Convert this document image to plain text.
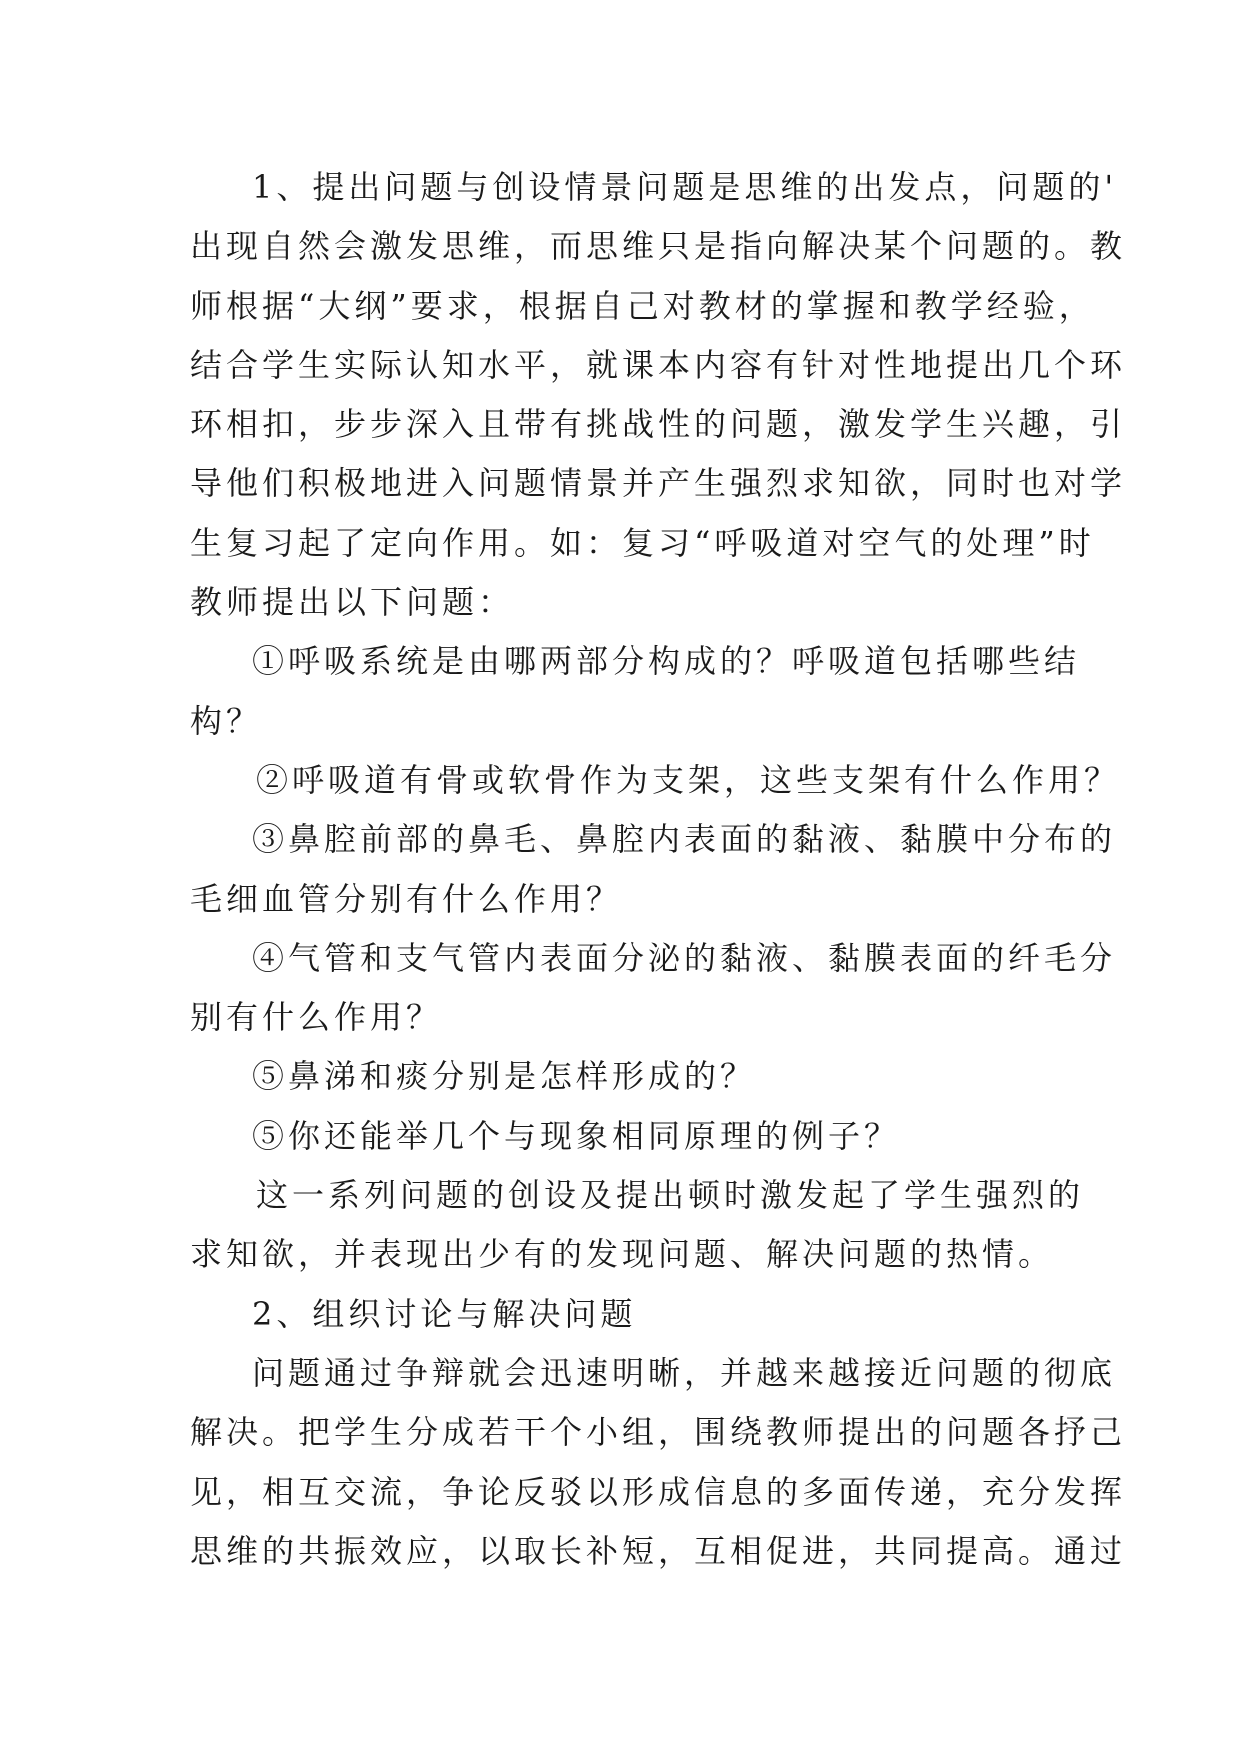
1、提出问题与创设情景问题是思维的出发点，问题的'

出现自然会激发思维，而思维只是指向解决某个问题的。教

师根据“大纲”要求，根据自己对教材的掌握和教学经验，

结合学生实际认知水平，就课本内容有针对性地提出几个环

环相扣，步步深入且带有挑战性的问题，激发学生兴趣，引

导他们积极地进入问题情景并产生强烈求知欲，同时也对学

生复习起了定向作用。如：复习“呼吸道对空气的处理”时

教师提出以下问题：

①呼吸系统是由哪两部分构成的？呼吸道包括哪些结

构？

②呼吸道有骨或软骨作为支架，这些支架有什么作用？

③鼻腔前部的鼻毛、鼻腔内表面的黏液、黏膜中分布的

毛细血管分别有什么作用？

④气管和支气管内表面分泌的黏液、黏膜表面的纤毛分

别有什么作用？

⑤鼻涕和痰分别是怎样形成的？

⑤你还能举几个与现象相同原理的例子？

这一系列问题的创设及提出顿时激发起了学生强烈的

求知欲，并表现出少有的发现问题、解决问题的热情。

2、组织讨论与解决问题

问题通过争辩就会迅速明晰，并越来越接近问题的彻底

解决。把学生分成若干个小组，围绕教师提出的问题各抒己

见，相互交流，争论反驳以形成信息的多面传递，充分发挥

思维的共振效应，以取长补短，互相促进，共同提高。通过
